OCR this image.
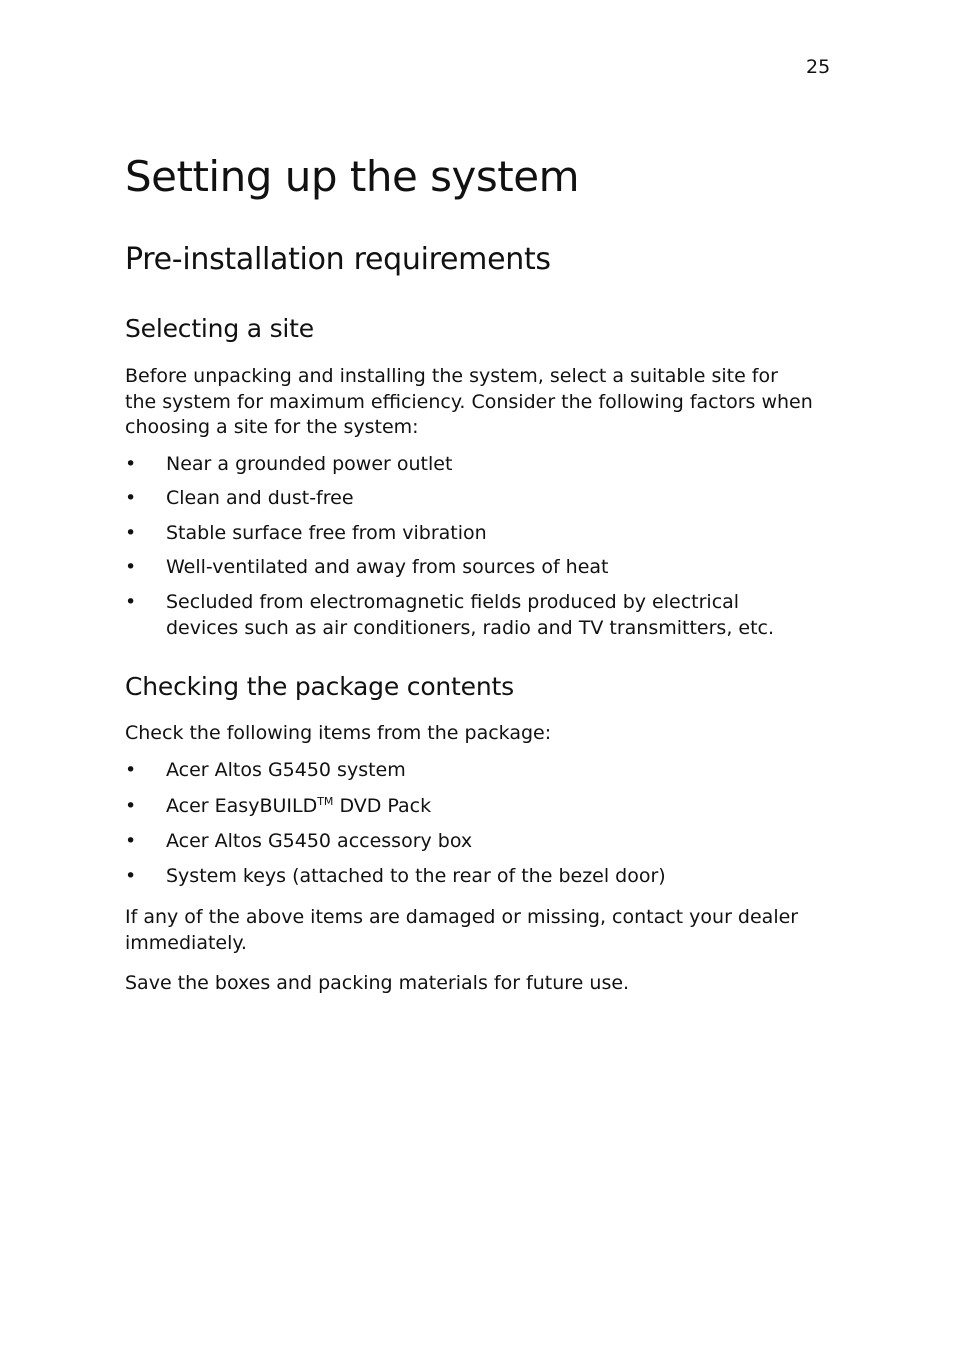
25
Setting up the system
Pre-installation requirements
Selecting a site

Before unpacking and installing the system, select a suitable site for the system for maximum efficiency. Consider the following factors when choosing a site for the system:

• Near a grounded power outlet
• Clean and dust-free
• Stable surface free from vibration
• Well-ventilated and away from sources of heat
• Secluded from electromagnetic fields produced by electrical devices such as air conditioners, radio and TV transmitters, etc.
Checking the package contents

Check the following items from the package:

• Acer Altos G5450 system
• Acer EasyBUILD™ DVD Pack
• Acer Altos G5450 accessory box
• System keys (attached to the rear of the bezel door)

If any of the above items are damaged or missing, contact your dealer immediately.

Save the boxes and packing materials for future use.
